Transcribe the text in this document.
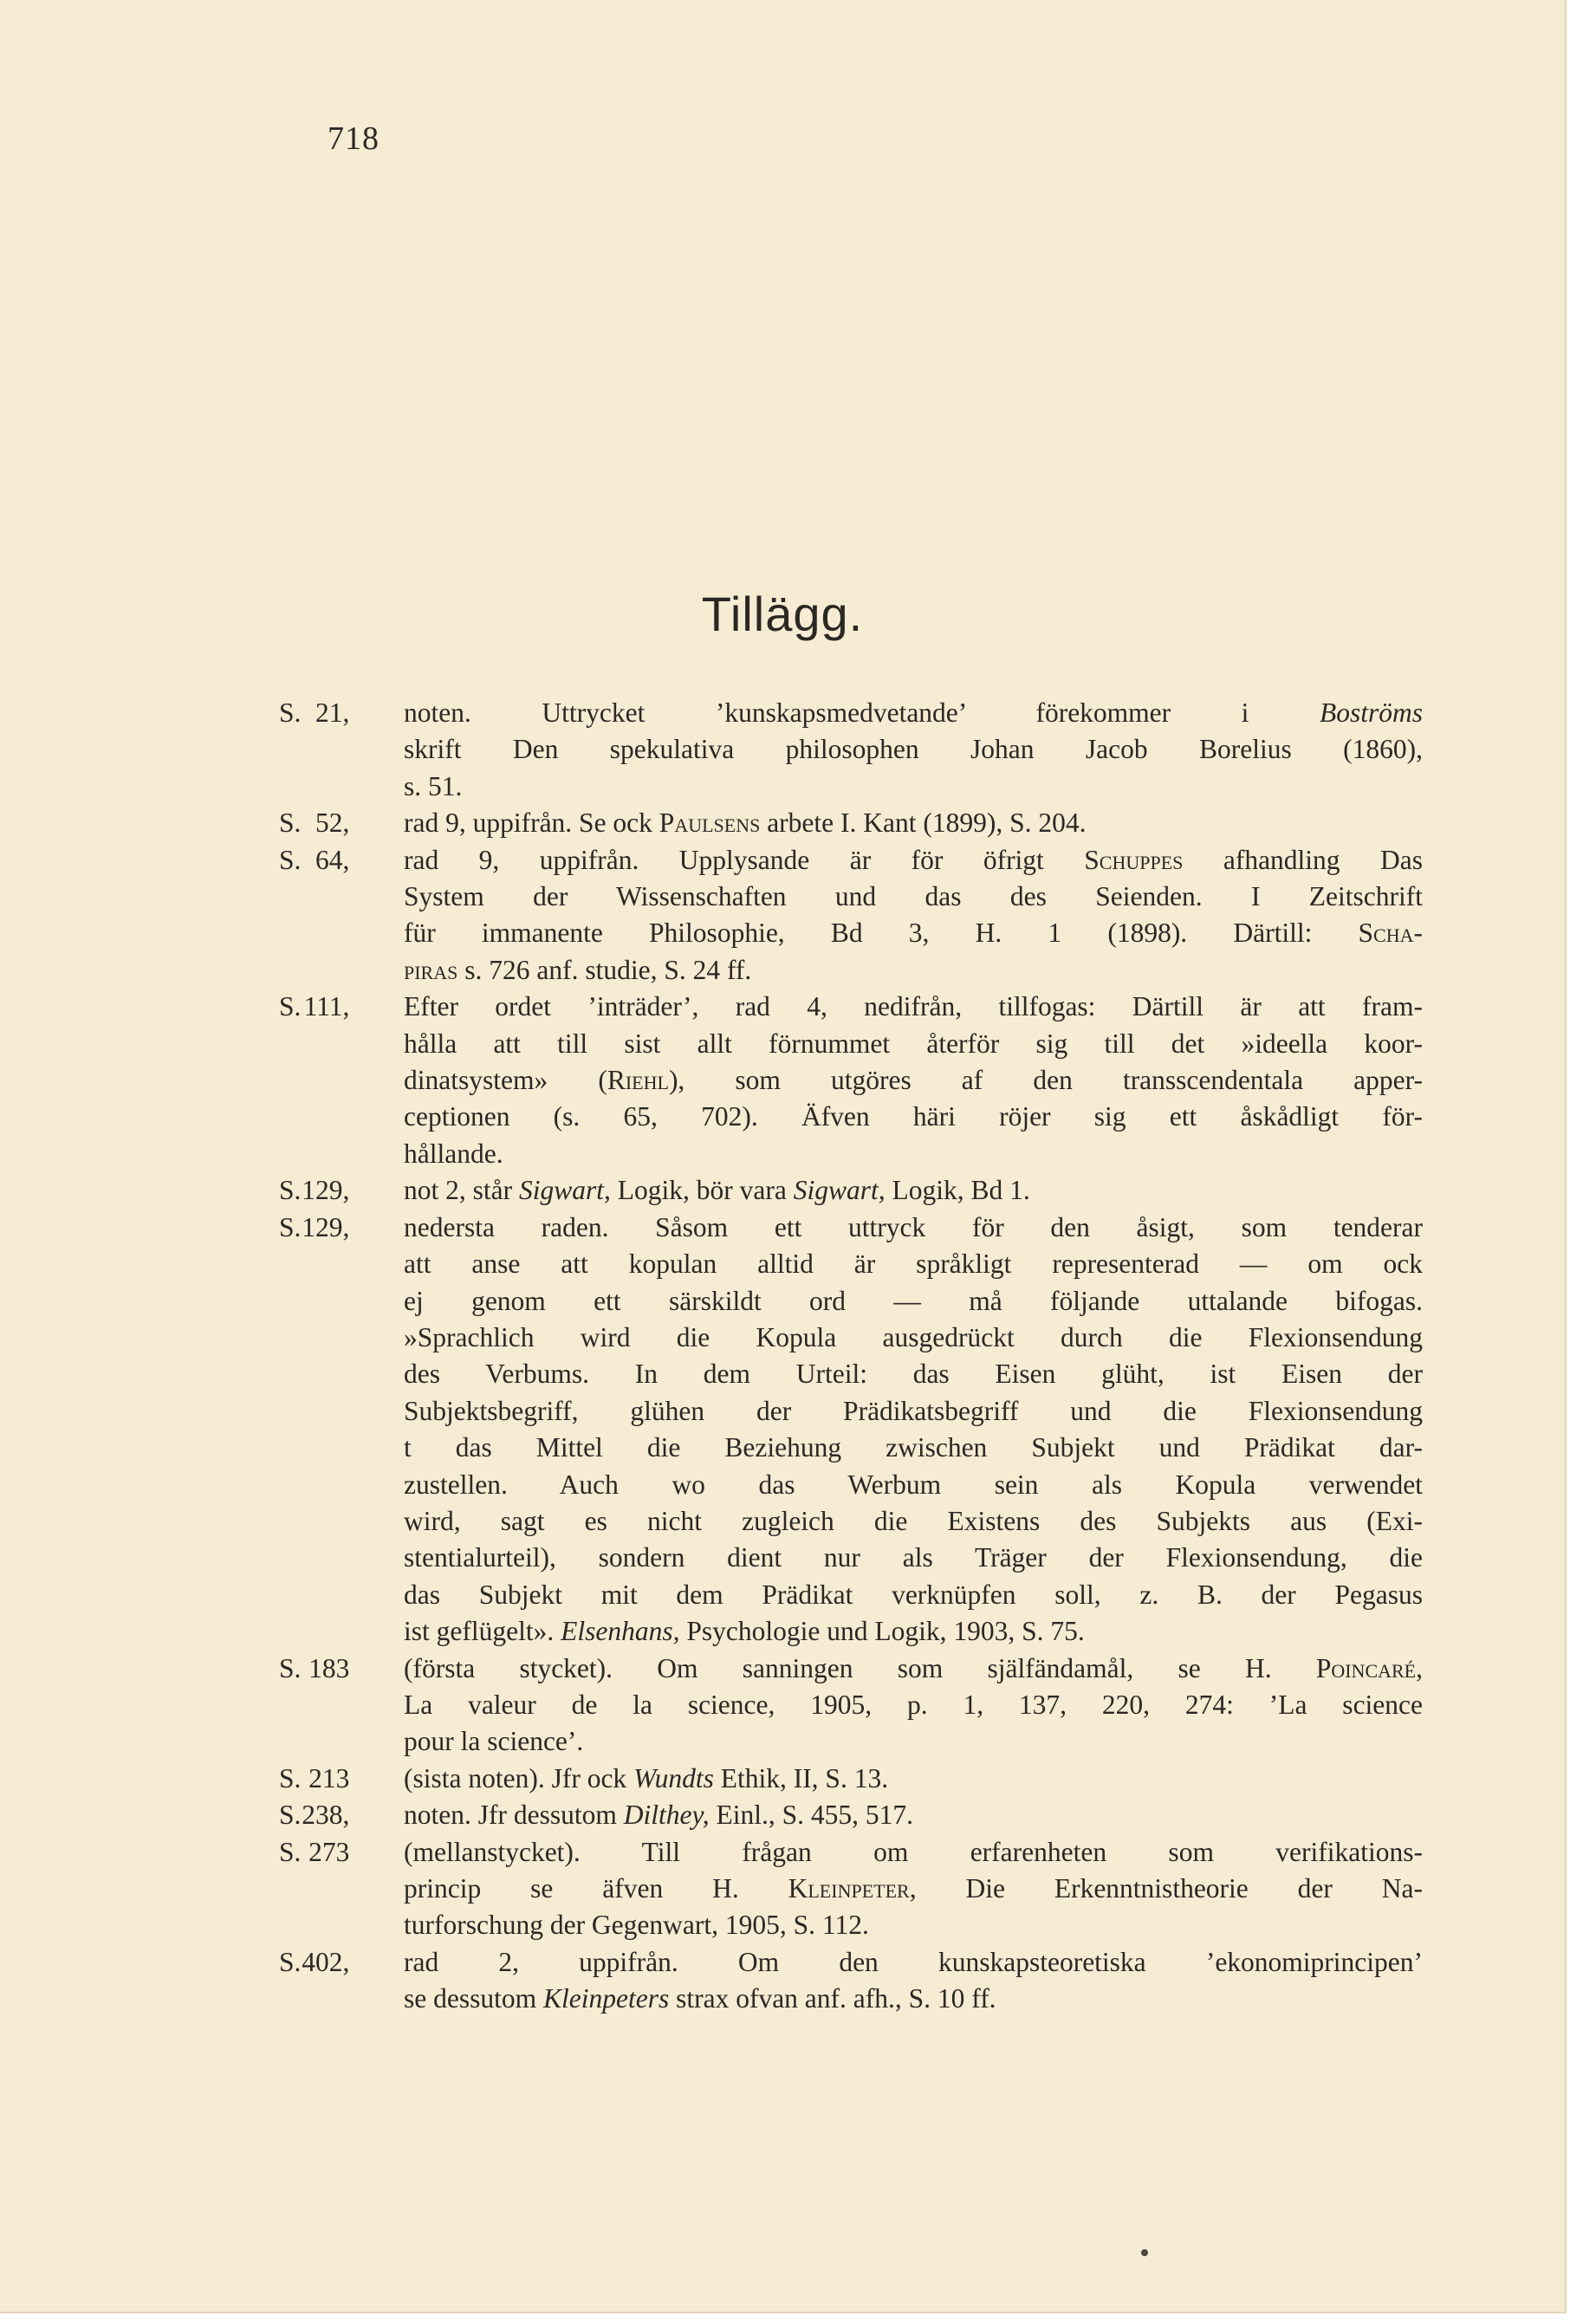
718
Tillägg.
S. 21,	noten. Uttrycket ’kunskapsmedvetande’ förekommer i Boströms
skrift Den spekulativa philosophen Johan Jacob Borelius (1860),
s. 51.
S. 52,	rad 9, uppifrån. Se ock Paulsens arbete I. Kant (1899), S. 204.
S. 64,	rad 9, uppifrån. Upplysande är för öfrigt Schuppes afhandling Das
System der Wissenschaften und das des Seienden. I Zeitschrift
für immanente Philosophie, Bd 3, H. 1 (1898). Därtill: Scha-
piras s. 726 anf. studie, S. 24 ff.
S. 111,	Efter ordet ’inträder’, rad 4, nedifrån, tillfogas: Därtill är att fram-
hålla att till sist allt förnummet återför sig till det »ideella koor-
dinatsystem» (Riehl), som utgöres af den transscendentala apper-
ceptionen (s. 65, 702). Äfven häri röjer sig ett åskådligt för-
hållande.
S.129,	not 2, står Sigwart, Logik, bör vara Sigwart, Logik, Bd 1.
S.129,	nedersta raden. Såsom ett uttryck för den åsigt, som tenderar
att anse att kopulan alltid är språkligt representerad — om ock
ej genom ett särskildt ord — må följande uttalande bifogas.
»Sprachlich wird die Kopula ausgedrückt durch die Flexionsendung
des Verbums. In dem Urteil: das Eisen glüht, ist Eisen der
Subjektsbegriff, glühen der Prädikatsbegriff und die Flexionsendung
t das Mittel die Beziehung zwischen Subjekt und Prädikat dar-
zustellen. Auch wo das Werbum sein als Kopula verwendet
wird, sagt es nicht zugleich die Existens des Subjekts aus (Exi-
stentialurteil), sondern dient nur als Träger der Flexionsendung, die
das Subjekt mit dem Prädikat verknüpfen soll, z. B. der Pegasus
ist geflügelt». Elsenhans, Psychologie und Logik, 1903, S. 75.
S. 183	(första stycket). Om sanningen som själfändamål, se H. Poincaré,
La valeur de la science, 1905, p. 1, 137, 220, 274: ’La science
pour la science’.
S. 213	(sista noten). Jfr ock Wundts Ethik, II, S. 13.
S.238,	noten. Jfr dessutom Dilthey, Einl., S. 455, 517.
S. 273	(mellanstycket). Till frågan om erfarenheten som verifikations-
princip se äfven H. Kleinpeter, Die Erkenntnistheorie der Na-
turforschung der Gegenwart, 1905, S. 112.
S.402,	rad 2, uppifrån. Om den kunskapsteoretiska ’ekonomiprincipen’
se dessutom Kleinpeters strax ofvan anf. afh., S. 10 ff.
